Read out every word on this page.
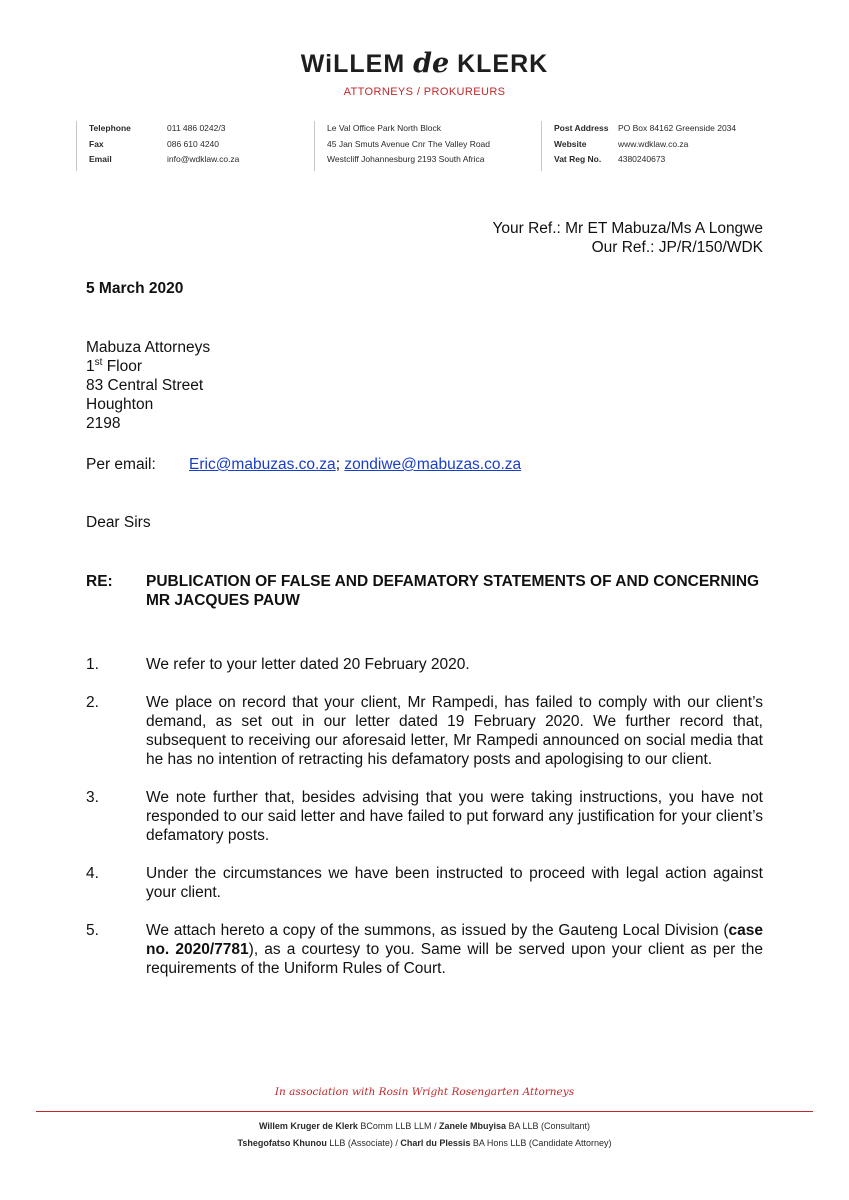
WiLLEM de KLERK
ATTORNEYS / PROKUREURS
Telephone	011 486 0242/3
Fax	086 610 4240
Email	info@wdklaw.co.za
Le Val Office Park North Block
45 Jan Smuts Avenue Cnr The Valley Road
Westcliff Johannesburg 2193 South Africa
Post Address	PO Box 84162 Greenside 2034
Website	www.wdklaw.co.za
Vat Reg No.	4380240673
Your Ref.: Mr ET Mabuza/Ms A Longwe
Our Ref.: JP/R/150/WDK
5 March 2020
Mabuza Attorneys
1st Floor
83 Central Street
Houghton
2198
Per email: Eric@mabuzas.co.za; zondiwe@mabuzas.co.za
Dear Sirs
RE: PUBLICATION OF FALSE AND DEFAMATORY STATEMENTS OF AND CONCERNING MR JACQUES PAUW
1.	We refer to your letter dated 20 February 2020.
2.	We place on record that your client, Mr Rampedi, has failed to comply with our client’s demand, as set out in our letter dated 19 February 2020. We further record that, subsequent to receiving our aforesaid letter, Mr Rampedi announced on social media that he has no intention of retracting his defamatory posts and apologising to our client.
3.	We note further that, besides advising that you were taking instructions, you have not responded to our said letter and have failed to put forward any justification for your client’s defamatory posts.
4.	Under the circumstances we have been instructed to proceed with legal action against your client.
5.	We attach hereto a copy of the summons, as issued by the Gauteng Local Division (case no. 2020/7781), as a courtesy to you. Same will be served upon your client as per the requirements of the Uniform Rules of Court.
In association with Rosin Wright Rosengarten Attorneys
Willem Kruger de Klerk BComm LLB LLM / Zanele Mbuyisa BA LLB (Consultant)
Tshegofatso Khunou LLB (Associate) / Charl du Plessis BA Hons LLB (Candidate Attorney)
